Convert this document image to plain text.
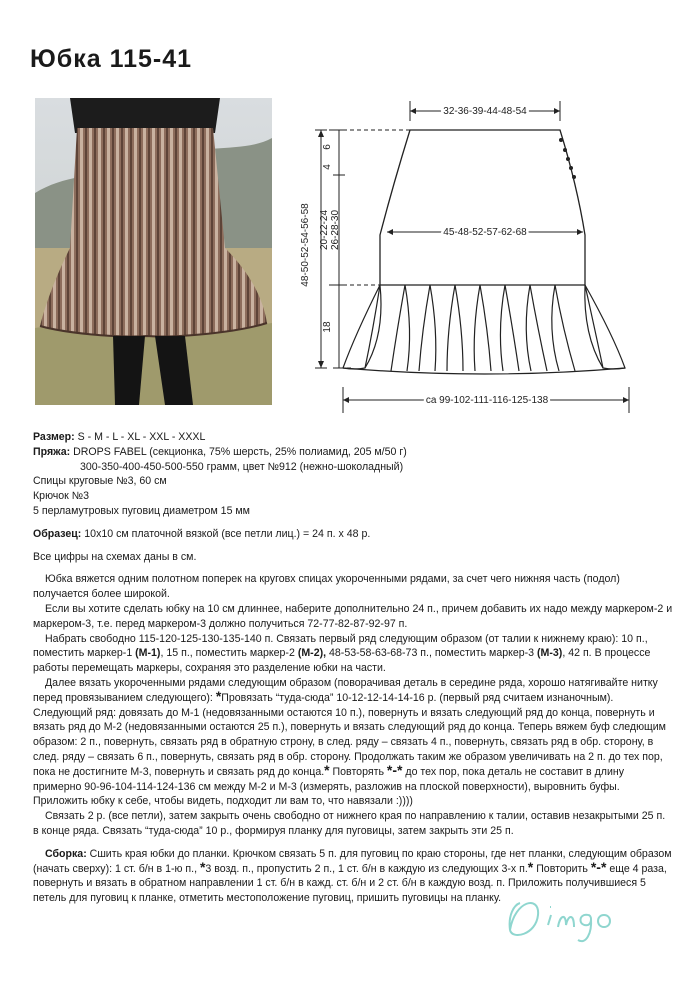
Юбка 115-41
32-36-39-44-48-54
48-50-52-54-56-58
6
4
20-22-24 26-28-30
18
45-48-52-57-62-68
ca 99-102-111-116-125-138

Размер: S - M - L - XL - XXL - XXXL

Пряжа: DROPS FABEL (секционка, 75% шерсть, 25% полиамид, 205 м/50 г)

300-350-400-450-500-550 грамм, цвет №912 (нежно-шоколадный)

Спицы круговые №3, 60 см

Крючок №3

5 перламутровых пуговиц диаметром 15 мм

Образец: 10х10 см платочной вязкой (все петли лиц.) = 24 п. х 48 р.

Все цифры на схемах даны в см.

Юбка вяжется одним полотном поперек на круговх спицах укороченными рядами, за счет чего нижняя часть (подол) получается более широкой.

Если вы хотите сделать юбку на 10 см длиннее, наберите дополнительно 24 п., причем добавить их надо между маркером-2 и маркером-3, т.е. перед маркером-3 должно получиться 72-77-82-87-92-97 п.

Набрать свободно 115-120-125-130-135-140 п. Связать первый ряд следующим образом (от талии к нижнему краю): 10 п., поместить маркер-1 (М-1), 15 п., поместить маркер-2 (М-2), 48-53-58-63-68-73 п., поместить маркер-3 (М-3), 42 п. В процессе работы перемещать маркеры, сохраняя это разделение юбки на части.

Далее вязать укороченными рядами следующим образом (поворачивая деталь в середине ряда, хорошо натягивайте нитку перед провязыванием следующего): *Провязать “туда-сюда” 10-12-12-14-14-16 р. (первый ряд считаем изнаночным). Следующий ряд: довязать до М-1 (недовязанными остаются 10 п.), повернуть и вязать следующий ряд до конца, повернуть и вязать ряд до М-2 (недовязанными остаются 25 п.), повернуть и вязать следующий ряд до конца. Теперь вяжем буф следющим образом: 2 п., повернуть, связать ряд в обратную строну, в след. ряду – связать 4 п., повернуть, связать ряд в обр. сторону, в след. ряду – связать 6 п., повернуть, связать ряд в обр. сторону. Продолжать таким же образом увеличивать на 2 п. до тех пор, пока не достигните М-3, повернуть и связать ряд до конца.* Повторять *-* до тех пор, пока деталь не составит в длину примерно 90-96-104-114-124-136 см между М-2 и М-3 (измерять, разложив на плоской поверхности), выровнить буфы. Приложить юбку к себе, чтобы видеть, подходит ли вам то, что навязали :))))

Связать 2 р. (все петли), затем закрыть очень свободно от нижнего края по направлению к талии, оставив незакрытыми 25 п. в конце ряда. Связать “туда-сюда” 10 р., формируя планку для пуговицы, затем закрыть эти 25 п.

Сборка: Сшить края юбки до планки. Крючком связать 5 п. для пуговиц по краю стороны, где нет планки, следующим образом (начать сверху): 1 ст. б/н в 1-ю п., *3 возд. п., пропустить 2 п., 1 ст. б/н в каждую из следующих 3-х п.* Повторить *-* еще 4 раза, повернуть и вязать в обратном направлении 1 ст. б/н в кажд. ст. б/н и 2 ст. б/н в каждую возд. п. Приложить получившиеся 5 петель для пуговиц к планке, отметить местоположение пуговиц, пришить пуговицы на планку.
